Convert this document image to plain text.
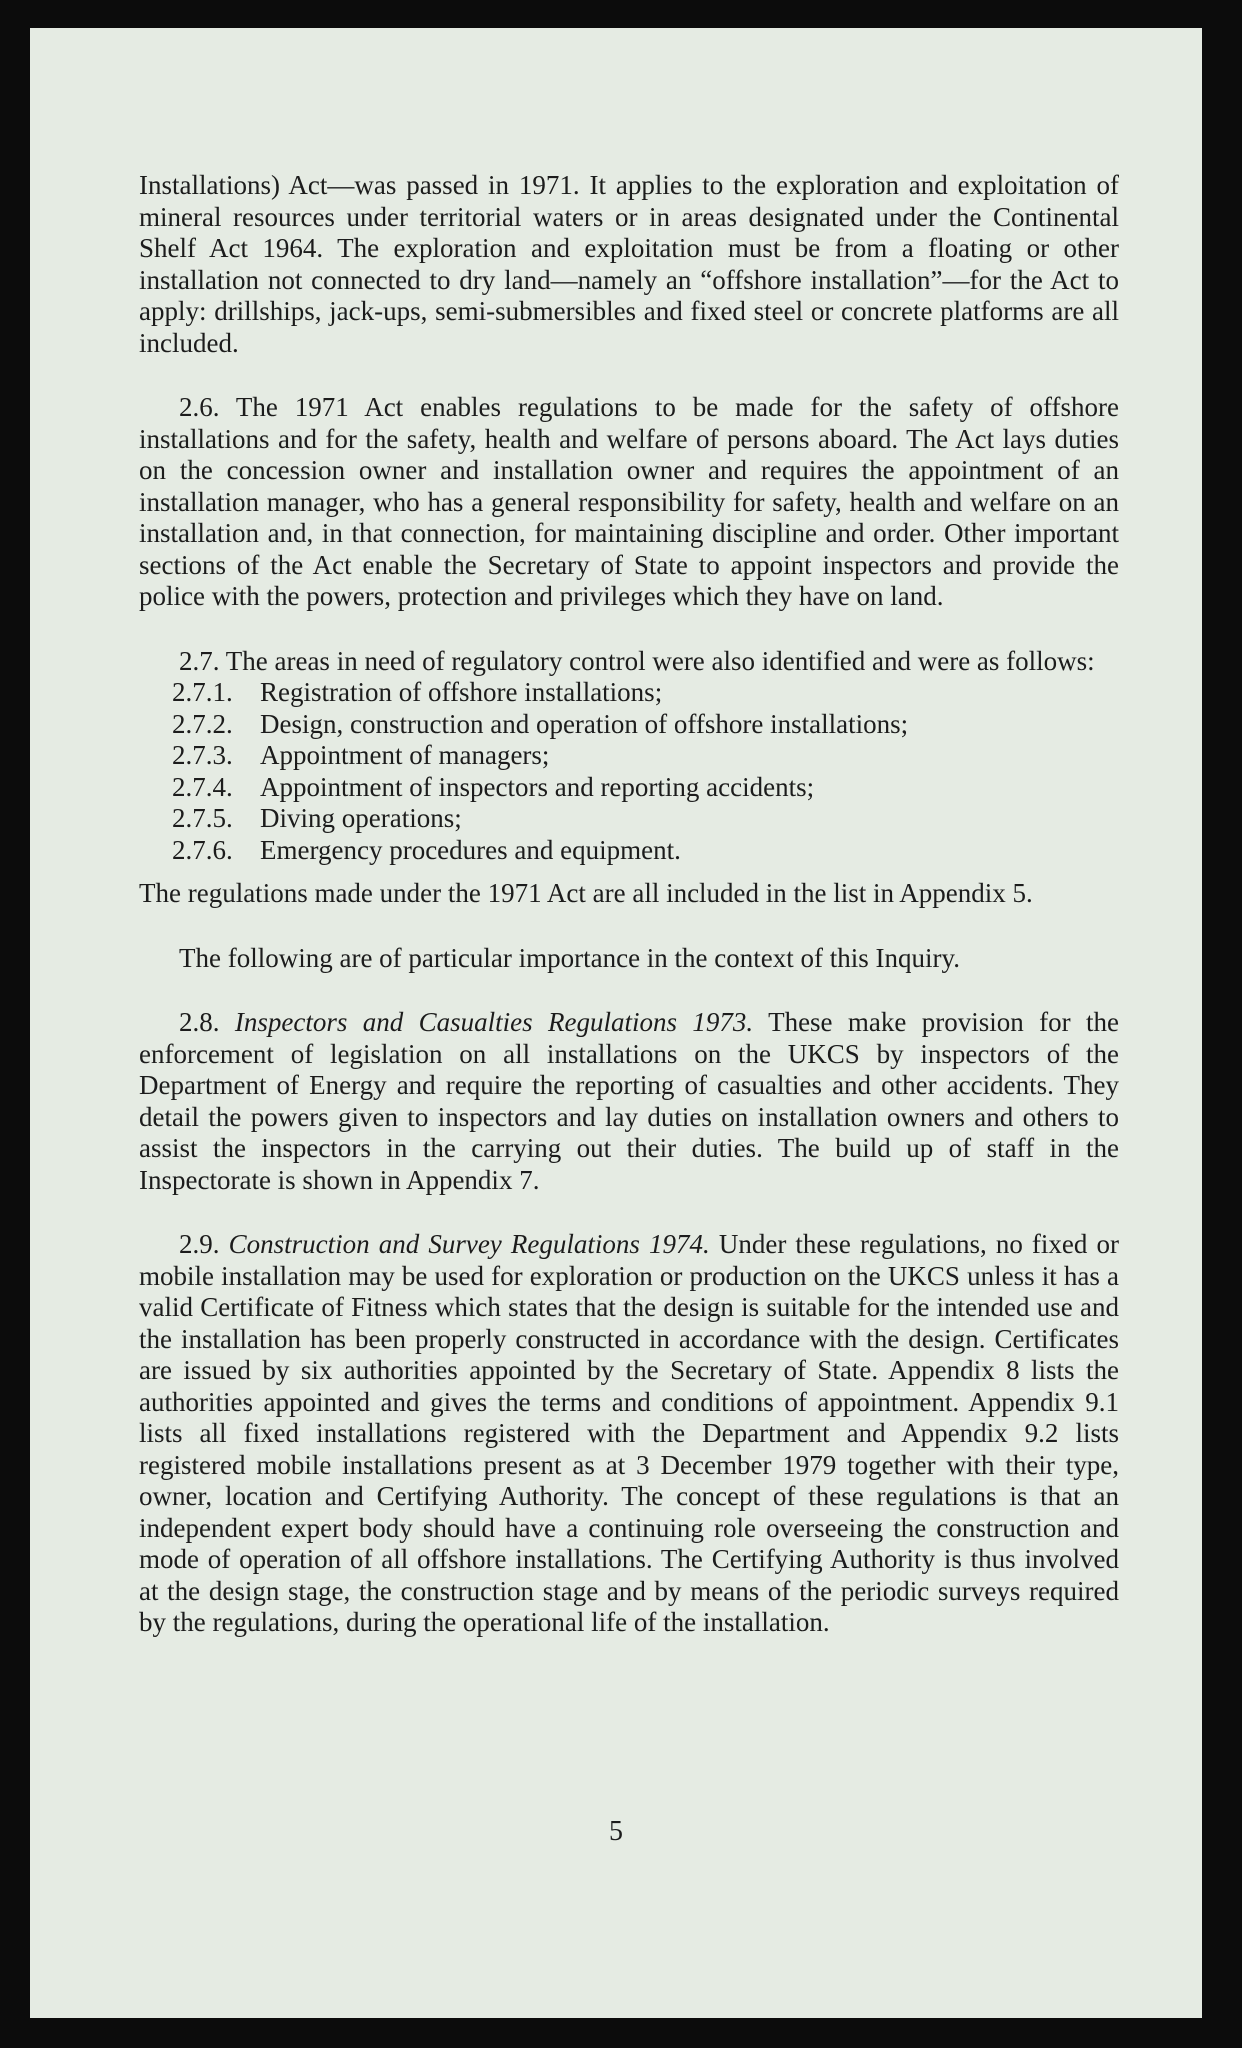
Installations) Act—was passed in 1971. It applies to the exploration and exploitation of mineral resources under territorial waters or in areas designated under the Continental Shelf Act 1964. The exploration and exploitation must be from a floating or other installation not connected to dry land—namely an “offshore installation”—for the Act to apply: drillships, jack-ups, semi-submersibles and fixed steel or concrete platforms are all included.

2.6. The 1971 Act enables regulations to be made for the safety of offshore installations and for the safety, health and welfare of persons aboard. The Act lays duties on the concession owner and installation owner and requires the appointment of an installation manager, who has a general responsibility for safety, health and welfare on an installation and, in that connection, for maintaining discipline and order. Other important sections of the Act enable the Secretary of State to appoint inspectors and provide the police with the powers, protection and privileges which they have on land.

2.7. The areas in need of regulatory control were also identified and were as follows:

2.7.1. Registration of offshore installations;
2.7.2. Design, construction and operation of offshore installations;
2.7.3. Appointment of managers;
2.7.4. Appointment of inspectors and reporting accidents;
2.7.5. Diving operations;
2.7.6. Emergency procedures and equipment.

The regulations made under the 1971 Act are all included in the list in Appendix 5.

The following are of particular importance in the context of this Inquiry.

2.8. Inspectors and Casualties Regulations 1973. These make provision for the enforcement of legislation on all installations on the UKCS by inspectors of the Department of Energy and require the reporting of casualties and other accidents. They detail the powers given to inspectors and lay duties on installation owners and others to assist the inspectors in the carrying out their duties. The build up of staff in the Inspectorate is shown in Appendix 7.

2.9. Construction and Survey Regulations 1974. Under these regulations, no fixed or mobile installation may be used for exploration or production on the UKCS unless it has a valid Certificate of Fitness which states that the design is suitable for the intended use and the installation has been properly constructed in accordance with the design. Certificates are issued by six authorities appointed by the Secretary of State. Appendix 8 lists the authorities appointed and gives the terms and conditions of appointment. Appendix 9.1 lists all fixed installations registered with the Department and Appendix 9.2 lists registered mobile installations present as at 3 December 1979 together with their type, owner, location and Certifying Authority. The concept of these regulations is that an independent expert body should have a continuing role overseeing the construction and mode of operation of all offshore installations. The Certifying Authority is thus involved at the design stage, the construction stage and by means of the periodic surveys required by the regulations, during the operational life of the installation.

5
